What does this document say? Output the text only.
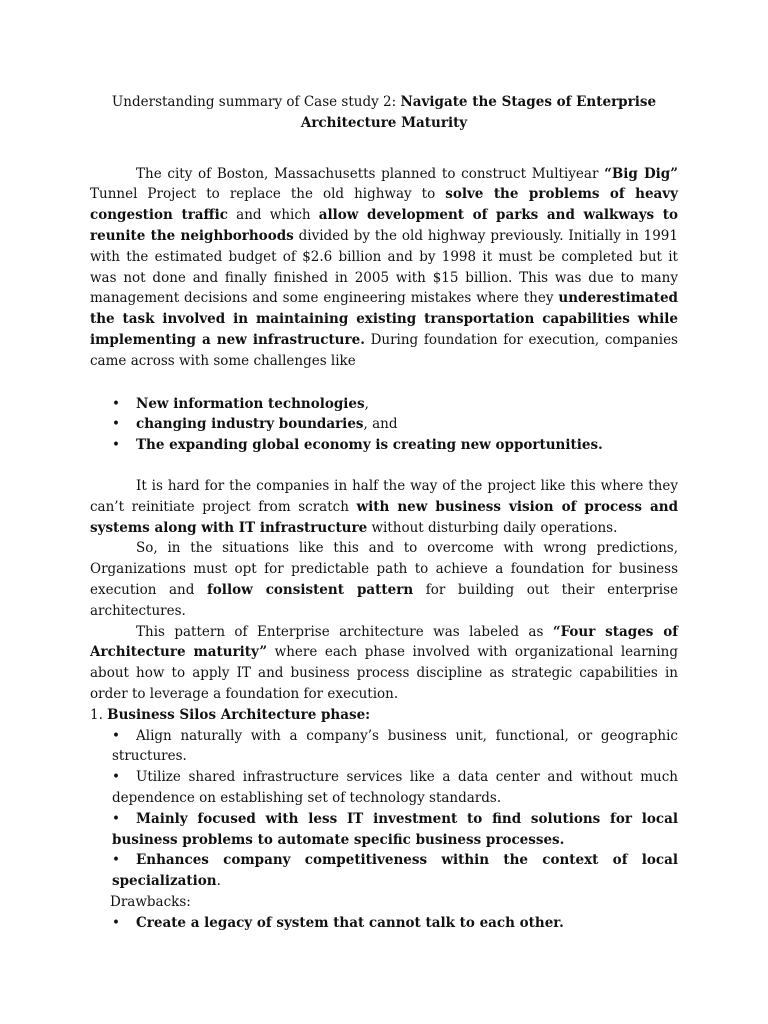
Understanding summary of Case study 2: Navigate the Stages of Enterprise
Architecture Maturity

The city of Boston, Massachusetts planned to construct Multiyear “Big Dig” Tunnel Project to replace the old highway to solve the problems of heavy congestion traffic and which allow development of parks and walkways to reunite the neighborhoods divided by the old highway previously. Initially in 1991 with the estimated budget of $2.6 billion and by 1998 it must be completed but it was not done and finally finished in 2005 with $15 billion. This was due to many management decisions and some engineering mistakes where they underestimated the task involved in maintaining existing transportation capabilities while implementing a new infrastructure. During foundation for execution, companies came across with some challenges like

• New information technologies,
• changing industry boundaries, and
• The expanding global economy is creating new opportunities.

It is hard for the companies in half the way of the project like this where they can’t reinitiate project from scratch with new business vision of process and systems along with IT infrastructure without disturbing daily operations.

So, in the situations like this and to overcome with wrong predictions, Organizations must opt for predictable path to achieve a foundation for business execution and follow consistent pattern for building out their enterprise architectures.

This pattern of Enterprise architecture was labeled as “Four stages of Architecture maturity” where each phase involved with organizational learning about how to apply IT and business process discipline as strategic capabilities in order to leverage a foundation for execution.

1. Business Silos Architecture phase:
• Align naturally with a company’s business unit, functional, or geographic structures.
• Utilize shared infrastructure services like a data center and without much dependence on establishing set of technology standards.
• Mainly focused with less IT investment to find solutions for local business problems to automate specific business processes.
• Enhances company competitiveness within the context of local specialization.
Drawbacks:
• Create a legacy of system that cannot talk to each other.
